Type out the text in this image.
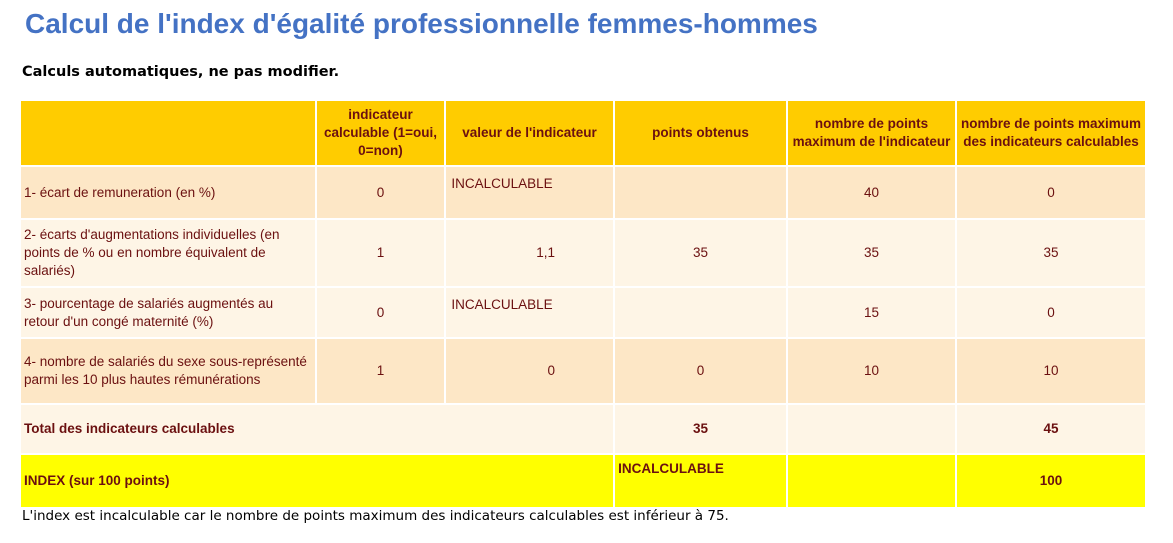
Calcul de l'index d'égalité professionnelle femmes-hommes
Calculs automatiques, ne pas modifier.
	indicateur calculable (1=oui, 0=non)	valeur de l'indicateur	points obtenus	nombre de points maximum de l'indicateur	nombre de points maximum des indicateurs calculables
1- écart de remuneration (en %)	0	INCALCULABLE		40	0
2- écarts d'augmentations individuelles (en points de % ou en nombre équivalent de salariés)	1	1,1	35	35	35
3- pourcentage de salariés augmentés au retour d'un congé maternité (%)	0	INCALCULABLE		15	0
4- nombre de salariés du sexe sous-représenté parmi les 10 plus hautes rémunérations	1	0	0	10	10
Total des indicateurs calculables			35		45
INDEX (sur 100 points)			INCALCULABLE		100
L'index est incalculable car le nombre de points maximum des indicateurs calculables est inférieur à 75.
